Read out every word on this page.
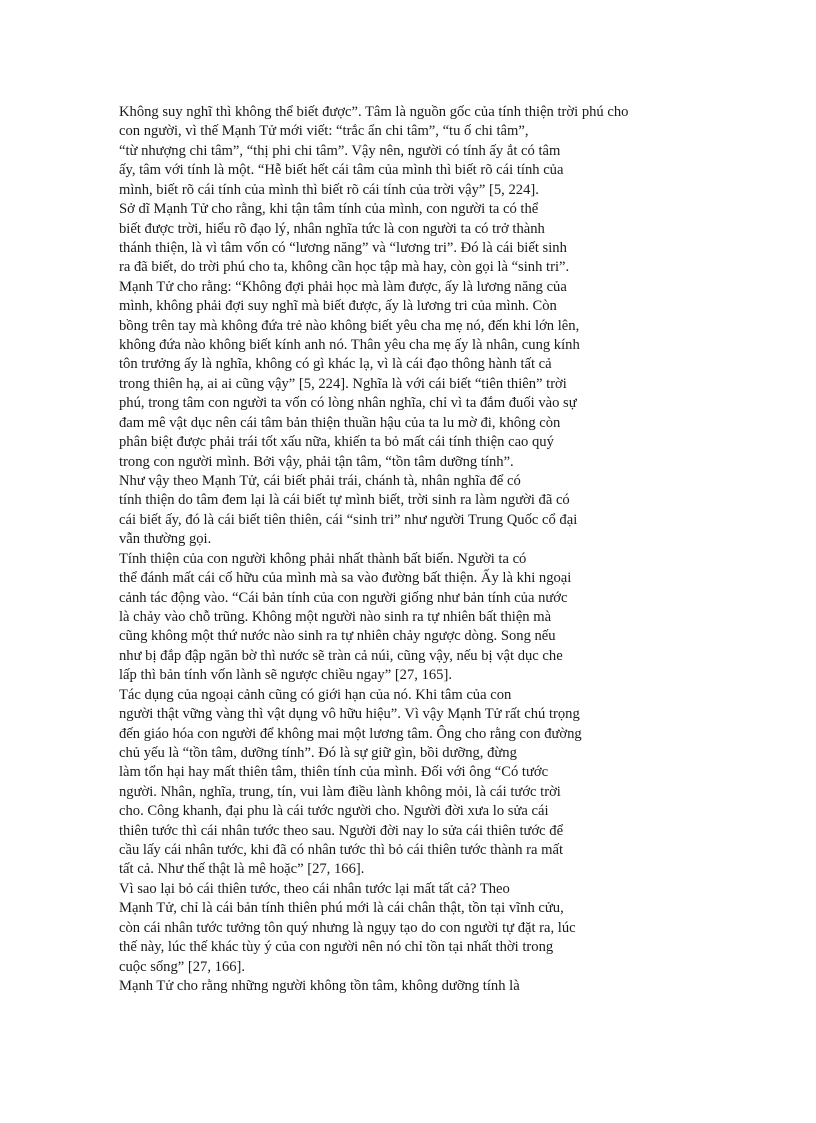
Không suy nghĩ thì không thể biết được”. Tâm là nguồn gốc của tính thiện trời phú cho
con người, vì thế Mạnh Tử mới viết: “trắc ẩn chi tâm”, “tu ố chi tâm”,
“từ nhượng chi tâm”, “thị phi chi tâm”. Vậy nên, người có tính ấy ắt có tâm
ấy, tâm với tính là một. “Hễ biết hết cái tâm của mình thì biết rõ cái tính của
mình, biết rõ cái tính của mình thì biết rõ cái tính của trời vậy” [5, 224].
Sở dĩ Mạnh Tử cho rằng, khi tận tâm tính của mình, con người ta có thể
biết được trời, hiểu rõ đạo lý, nhân nghĩa tức là con người ta có trở thành
thánh thiện, là vì tâm vốn có “lương năng” và “lương tri”. Đó là cái biết sinh
ra đã biết, do trời phú cho ta, không cần học tập mà hay, còn gọi là “sinh tri”.
Mạnh Tử cho rằng: “Không đợi phải học mà làm được, ấy là lương năng của
mình, không phải đợi suy nghĩ mà biết được, ấy là lương tri của mình. Còn
bồng trên tay mà không đứa trẻ nào không biết yêu cha mẹ nó, đến khi lớn lên,
không đứa nào không biết kính anh nó. Thân yêu cha mẹ ấy là nhân, cung kính
tôn trưởng ấy là nghĩa, không có gì khác lạ, vì là cái đạo thông hành tất cả
trong thiên hạ, ai ai cũng vậy” [5, 224]. Nghĩa là với cái biết “tiên thiên” trời
phú, trong tâm con người ta vốn có lòng nhân nghĩa, chỉ vì ta đắm đuối vào sự
đam mê vật dục nên cái tâm bản thiện thuần hậu của ta lu mờ đi, không còn
phân biệt được phải trái tốt xấu nữa, khiến ta bỏ mất cái tính thiện cao quý
trong con người mình. Bởi vậy, phải tận tâm, “tồn tâm dưỡng tính”.
Như vậy theo Mạnh Tử, cái biết phải trái, chánh tà, nhân nghĩa để có
tính thiện do tâm đem lại là cái biết tự mình biết, trời sinh ra làm người đã có
cái biết ấy, đó là cái biết tiên thiên, cái “sinh tri” như người Trung Quốc cổ đại
vẫn thường gọi.
Tính thiện của con người không phải nhất thành bất biến. Người ta có
thể đánh mất cái cố hữu của mình mà sa vào đường bất thiện. Ấy là khi ngoại
cảnh tác động vào. “Cái bản tính của con người giống như bản tính của nước
là chảy vào chỗ trũng. Không một người nào sinh ra tự nhiên bất thiện mà
cũng không một thứ nước nào sinh ra tự nhiên chảy ngược dòng. Song nếu
như bị đắp đập ngăn bờ thì nước sẽ tràn cả núi, cũng vậy, nếu bị vật dục che
lấp thì bản tính vốn lành sẽ ngược chiều ngay” [27, 165].
Tác dụng của ngoại cảnh cũng có giới hạn của nó. Khi tâm của con
người thật vững vàng thì vật dụng vô hữu hiệu”. Vì vậy Mạnh Tử rất chú trọng
đến giáo hóa con người để không mai một lương tâm. Ông cho rằng con đường
chủ yếu là “tồn tâm, dưỡng tính”. Đó là sự giữ gìn, bồi dưỡng, đừng
làm tổn hại hay mất thiên tâm, thiên tính của mình. Đối với ông “Có tước
người. Nhân, nghĩa, trung, tín, vui làm điều lành không mỏi, là cái tước trời
cho. Công khanh, đại phu là cái tước người cho. Người đời xưa lo sửa cái
thiên tước thì cái nhân tước theo sau. Người đời nay lo sửa cái thiên tước để
cầu lấy cái nhân tước, khi đã có nhân tước thì bỏ cái thiên tước thành ra mất
tất cả. Như thế thật là mê hoặc” [27, 166].
Vì sao lại bỏ cái thiên tước, theo cái nhân tước lại mất tất cả? Theo
Mạnh Tử, chỉ là cái bản tính thiên phú mới là cái chân thật, tồn tại vĩnh cửu,
còn cái nhân tước tưởng tôn quý nhưng là ngụy tạo do con người tự đặt ra, lúc
thế này, lúc thế khác tùy ý của con người nên nó chỉ tồn tại nhất thời trong
cuộc sống” [27, 166].
Mạnh Tử cho rằng những người không tồn tâm, không dưỡng tính là
